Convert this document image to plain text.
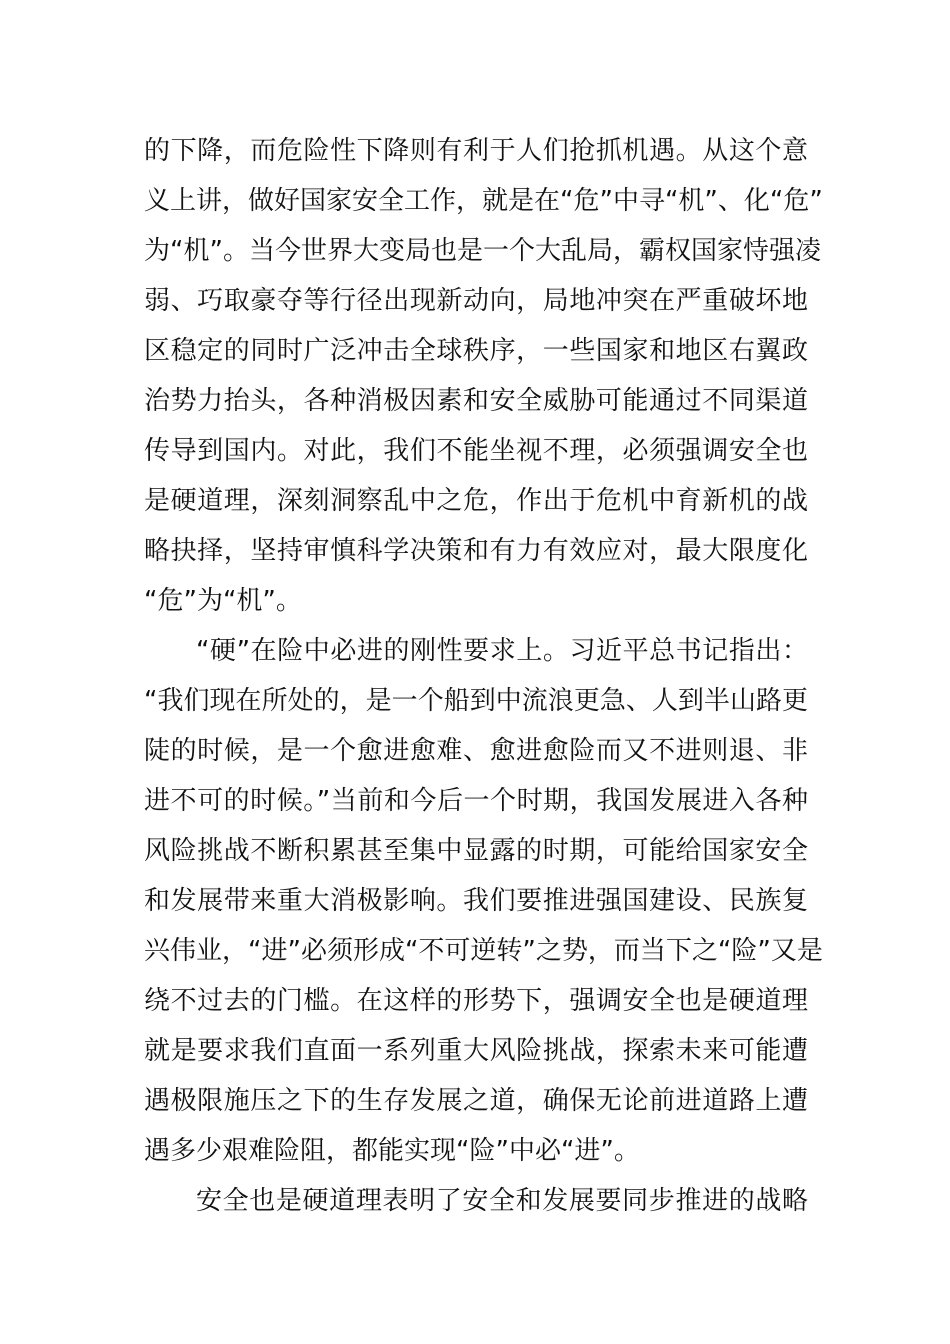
的下降，而危险性下降则有利于人们抢抓机遇。从这个意
义上讲，做好国家安全工作，就是在“危”中寻“机”、化“危”
为“机”。当今世界大变局也是一个大乱局，霸权国家恃强凌
弱、巧取豪夺等行径出现新动向，局地冲突在严重破坏地
区稳定的同时广泛冲击全球秩序，一些国家和地区右翼政
治势力抬头，各种消极因素和安全威胁可能通过不同渠道
传导到国内。对此，我们不能坐视不理，必须强调安全也
是硬道理，深刻洞察乱中之危，作出于危机中育新机的战
略抉择，坚持审慎科学决策和有力有效应对，最大限度化
“危”为“机”。
“硬”在险中必进的刚性要求上。习近平总书记指出：
“我们现在所处的，是一个船到中流浪更急、人到半山路更
陡的时候，是一个愈进愈难、愈进愈险而又不进则退、非
进不可的时候。”当前和今后一个时期，我国发展进入各种
风险挑战不断积累甚至集中显露的时期，可能给国家安全
和发展带来重大消极影响。我们要推进强国建设、民族复
兴伟业，“进”必须形成“不可逆转”之势，而当下之“险”又是
绕不过去的门槛。在这样的形势下，强调安全也是硬道理
就是要求我们直面一系列重大风险挑战，探索未来可能遭
遇极限施压之下的生存发展之道，确保无论前进道路上遭
遇多少艰难险阻，都能实现“险”中必“进”。
安全也是硬道理表明了安全和发展要同步推进的战略
